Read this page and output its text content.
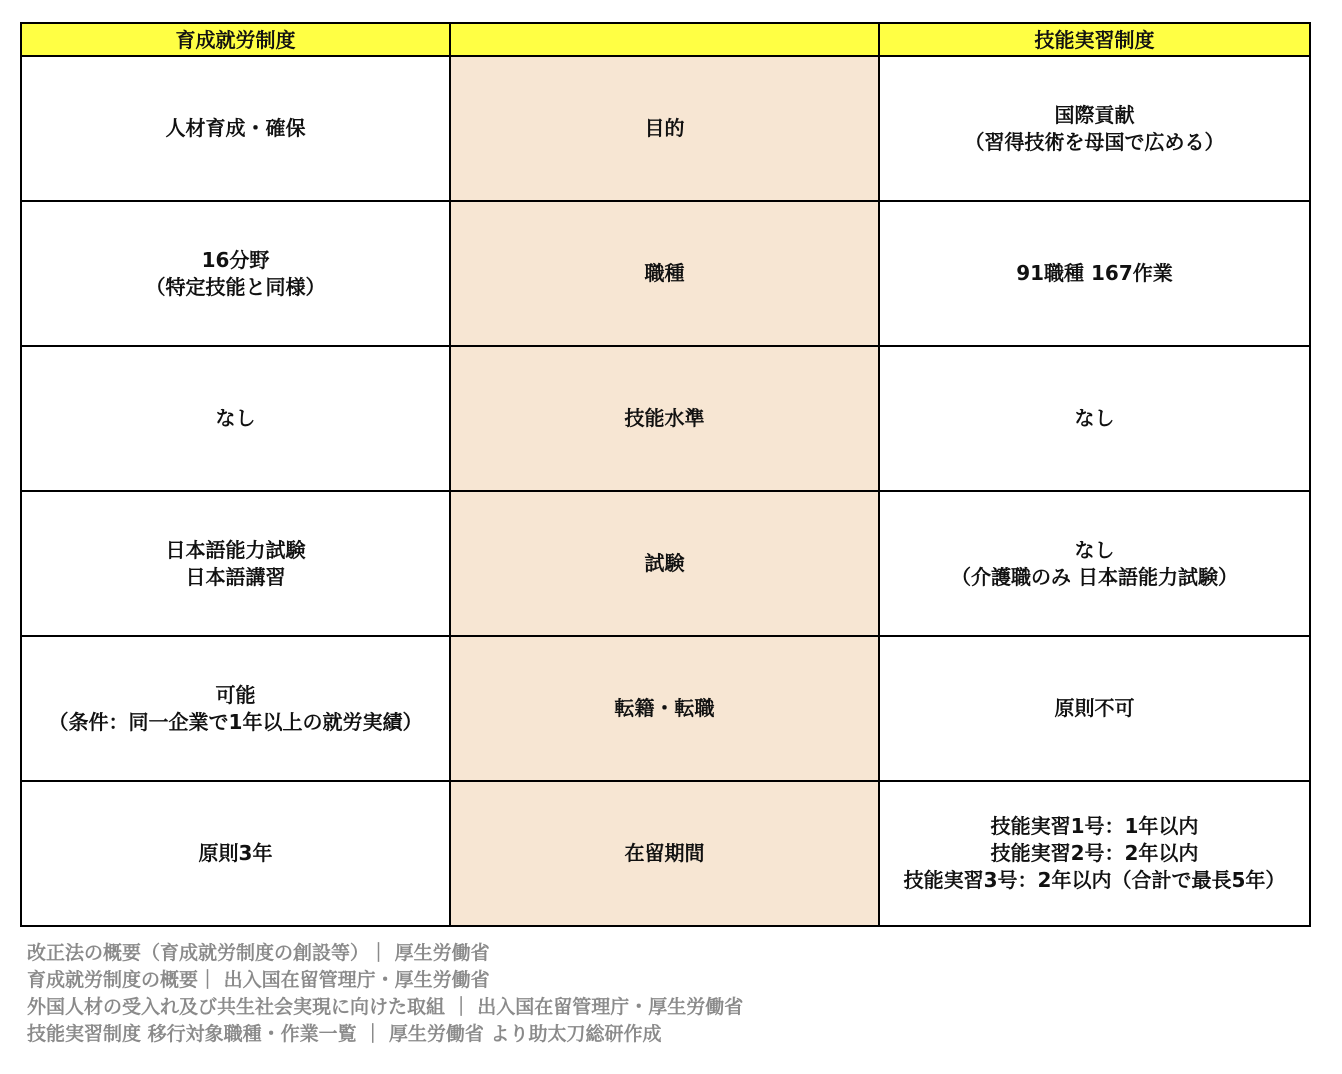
育成就労制度		技能実習制度
人材育成・確保	目的	国際貢献
（習得技術を母国で広める）
16分野
（特定技能と同様）	職種	91職種 167作業
なし	技能水準	なし
日本語能力試験
日本語講習	試験	なし
（介護職のみ 日本語能力試験）
可能
（条件：同一企業で1年以上の就労実績）	転籍・転職	原則不可
原則3年	在留期間	技能実習1号：1年以内
技能実習2号：2年以内
技能実習3号：2年以内（合計で最長5年）
改正法の概要（育成就労制度の創設等）｜ 厚生労働省
育成就労制度の概要｜ 出入国在留管理庁・厚生労働省
外国人材の受入れ及び共生社会実現に向けた取組 ｜ 出入国在留管理庁・厚生労働省
技能実習制度 移行対象職種・作業一覧 ｜ 厚生労働省 より助太刀総研作成
